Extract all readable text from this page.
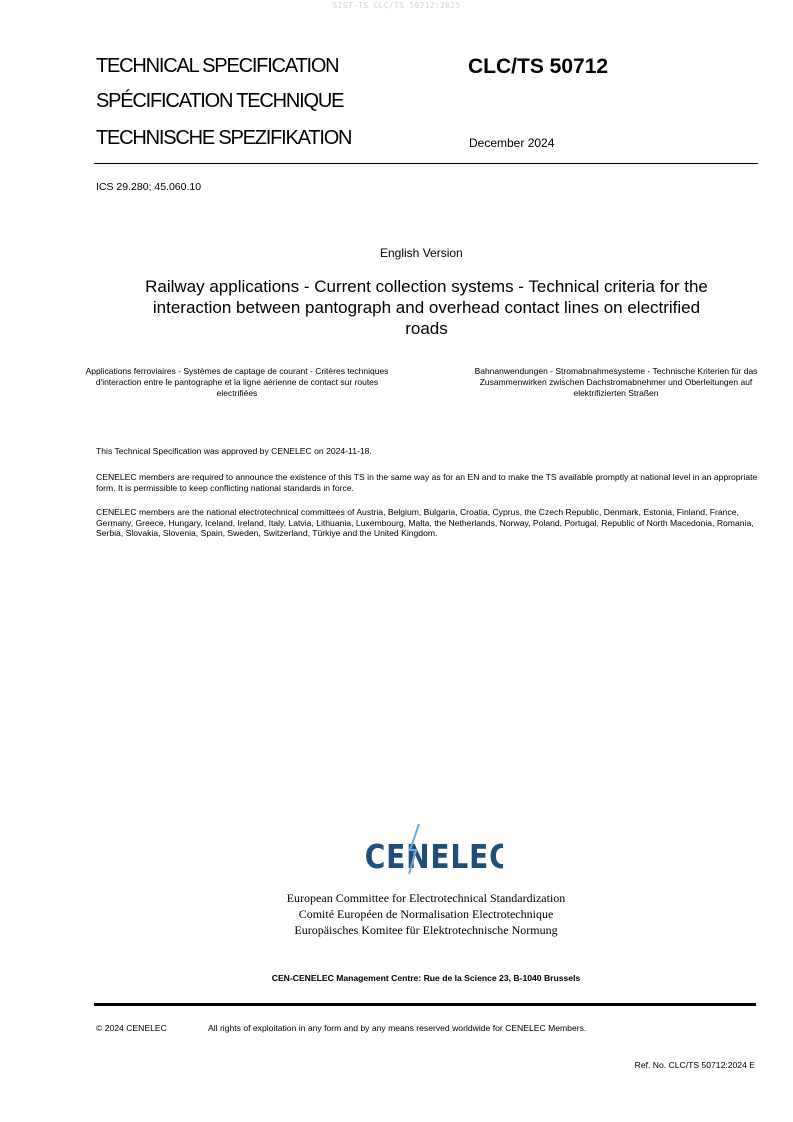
SIST-TS CLC/TS 50712:2025
TECHNICAL SPECIFICATION
SPÉCIFICATION TECHNIQUE
TECHNISCHE SPEZIFIKATION
CLC/TS 50712
December 2024
ICS 29.280; 45.060.10
English Version
Railway applications - Current collection systems - Technical criteria for the interaction between pantograph and overhead contact lines on electrified roads
Applications ferroviaires - Systèmes de captage de courant - Critères techniques d'interaction entre le pantographe et la ligne aérienne de contact sur routes electrifiées
Bahnanwendungen - Stromabnahmesysteme - Technische Kriterien für das Zusammenwirken zwischen Dachstromabnehmer und Oberleitungen auf elektrifizierten Straßen
This Technical Specification was approved by CENELEC on 2024-11-18.
CENELEC members are required to announce the existence of this TS in the same way as for an EN and to make the TS available promptly at national level in an appropriate form. It is permissible to keep conflicting national standards in force.
CENELEC members are the national electrotechnical committees of Austria, Belgium, Bulgaria, Croatia, Cyprus, the Czech Republic, Denmark, Estonia, Finland, France, Germany, Greece, Hungary, Iceland, Ireland, Italy, Latvia, Lithuania, Luxembourg, Malta, the Netherlands, Norway, Poland, Portugal, Republic of North Macedonia, Romania, Serbia, Slovakia, Slovenia, Spain, Sweden, Switzerland, Türkiye and the United Kingdom.
CENELEC
European Committee for Electrotechnical Standardization
Comité Européen de Normalisation Electrotechnique
Europäisches Komitee für Elektrotechnische Normung
CEN-CENELEC Management Centre: Rue de la Science 23, B-1040 Brussels
© 2024 CENELEC	All rights of exploitation in any form and by any means reserved worldwide for CENELEC Members.
Ref. No. CLC/TS 50712:2024 E
